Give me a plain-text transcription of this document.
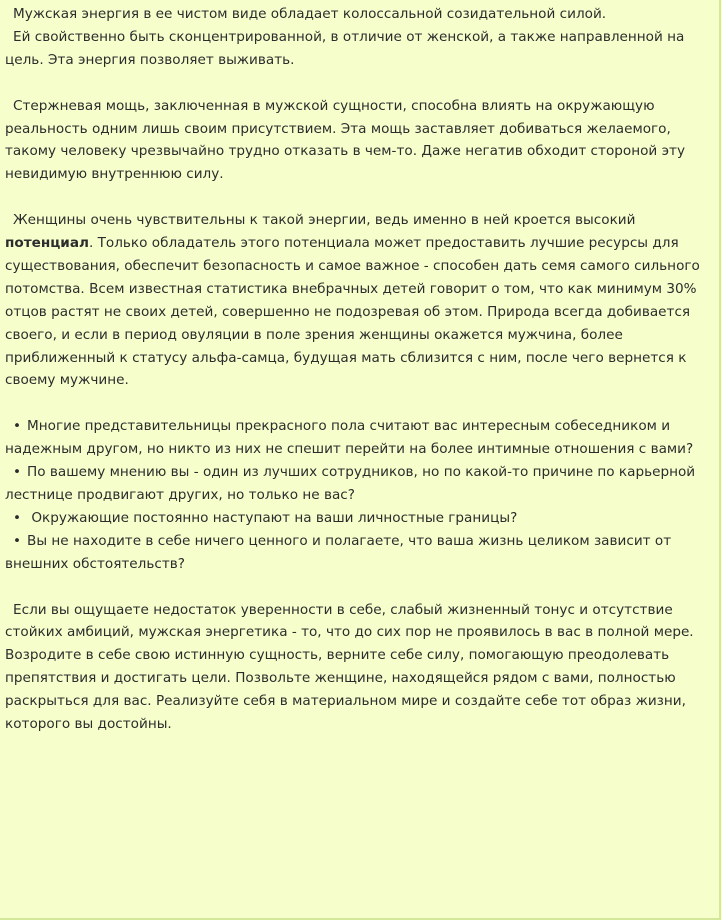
Мужская энергия в ее чистом виде обладает колоссальной созидательной силой.

Ей свойственно быть сконцентрированной, в отличие от женской, а также направленной на цель. Эта энергия позволяет выживать.

Стержневая мощь, заключенная в мужской сущности, способна влиять на окружающую реальность одним лишь своим присутствием. Эта мощь заставляет добиваться желаемого, такому человеку чрезвычайно трудно отказать в чем-то. Даже негатив обходит стороной эту невидимую внутреннюю силу.

Женщины очень чувствительны к такой энергии, ведь именно в ней кроется высокий потенциал. Только обладатель этого потенциала может предоставить лучшие ресурсы для существования, обеспечит безопасность и самое важное - способен дать семя самого сильного потомства. Всем известная статистика внебрачных детей говорит о том, что как минимум 30% отцов растят не своих детей, совершенно не подозревая об этом. Природа всегда добивается своего, и если в период овуляции в поле зрения женщины окажется мужчина, более приближенный к статусу альфа-самца, будущая мать сблизится с ним, после чего вернется к своему мужчине.

• Многие представительницы прекрасного пола считают вас интересным собеседником и надежным другом, но никто из них не спешит перейти на более интимные отношения с вами?

• По вашему мнению вы - один из лучших сотрудников, но по какой-то причине по карьерной лестнице продвигают других, но только не вас?

• Окружающие постоянно наступают на ваши личностные границы?

• Вы не находите в себе ничего ценного и полагаете, что ваша жизнь целиком зависит от внешних обстоятельств?

Если вы ощущаете недостаток уверенности в себе, слабый жизненный тонус и отсутствие стойких амбиций, мужская энергетика - то, что до сих пор не проявилось в вас в полной мере. Возродите в себе свою истинную сущность, верните себе силу, помогающую преодолевать препятствия и достигать цели. Позвольте женщине, находящейся рядом с вами, полностью раскрыться для вас. Реализуйте себя в материальном мире и создайте себе тот образ жизни, которого вы достойны.
